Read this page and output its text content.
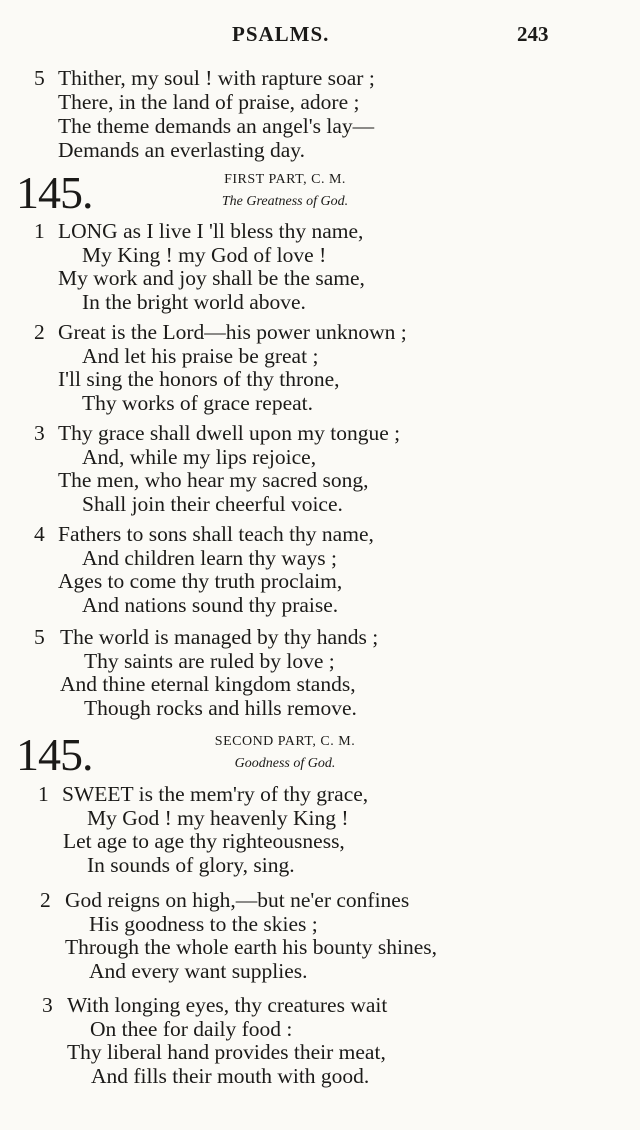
PSALMS.	243
5 Thither, my soul ! with rapture soar ;
There, in the land of praise, adore ;
The theme demands an angel's lay—
Demands an everlasting day.
145.	FIRST PART, C. M.
The Greatness of God.
1 LONG as I live I 'll bless thy name,
My King ! my God of love !
My work and joy shall be the same,
In the bright world above.
2 Great is the Lord—his power unknown ;
And let his praise be great ;
I'll sing the honors of thy throne,
Thy works of grace repeat.
3 Thy grace shall dwell upon my tongue ;
And, while my lips rejoice,
The men, who hear my sacred song,
Shall join their cheerful voice.
4 Fathers to sons shall teach thy name,
And children learn thy ways ;
Ages to come thy truth proclaim,
And nations sound thy praise.
5 The world is managed by thy hands ;
Thy saints are ruled by love ;
And thine eternal kingdom stands,
Though rocks and hills remove.
145.	SECOND PART, C. M.
Goodness of God.
1 SWEET is the mem'ry of thy grace,
My God ! my heavenly King !
Let age to age thy righteousness,
In sounds of glory, sing.
2 God reigns on high,—but ne'er confines
His goodness to the skies ;
Through the whole earth his bounty shines,
And every want supplies.
3 With longing eyes, thy creatures wait
On thee for daily food :
Thy liberal hand provides their meat,
And fills their mouth with good.
